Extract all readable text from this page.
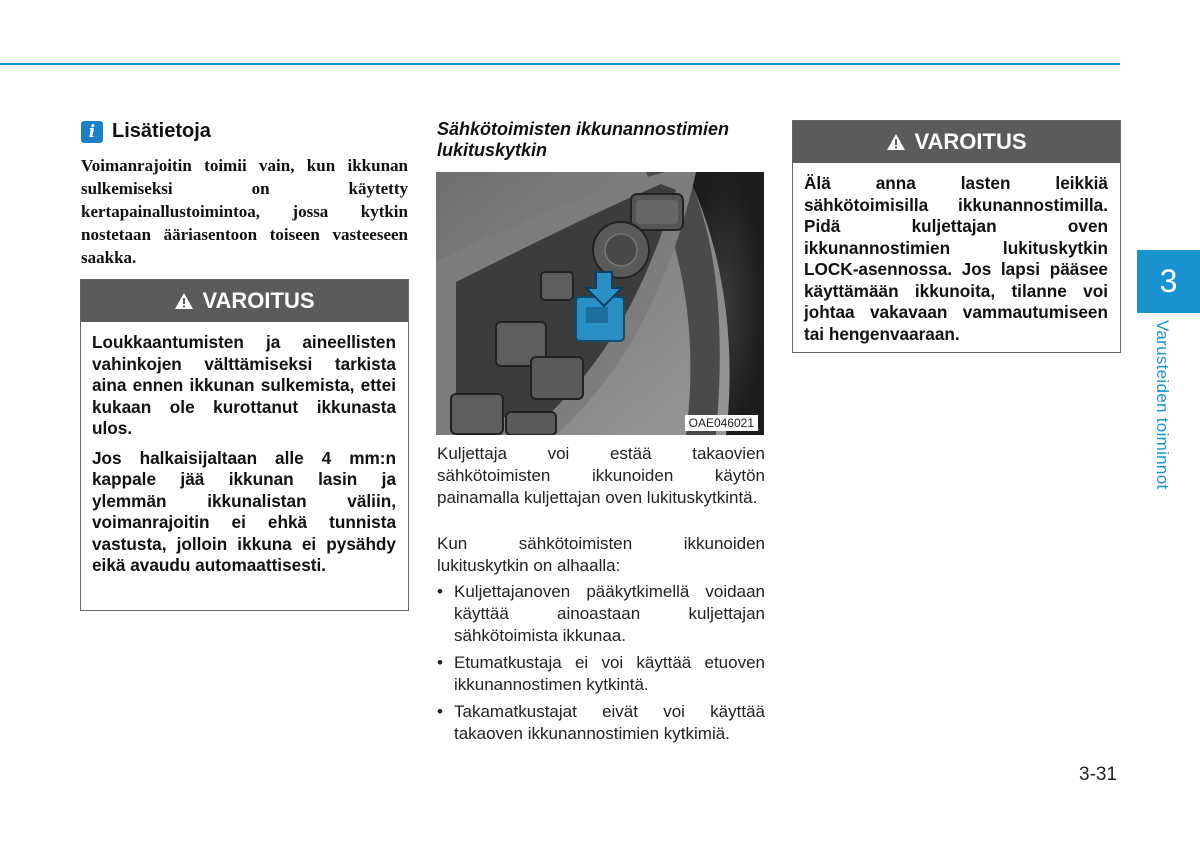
i Lisätietoja

Voimanrajoitin toimii vain, kun ikkunan sulkemiseksi on käytetty kertapainallustoimintoa, jossa kytkin nostetaan ääriasentoon toiseen vasteeseen saakka.

VAROITUS

Loukkaantumisten ja aineellisten vahinkojen välttämiseksi tarkista aina ennen ikkunan sulkemista, ettei kukaan ole kurottanut ikkunasta ulos.

Jos halkaisijaltaan alle 4 mm:n kappale jää ikkunan lasin ja ylemmän ikkunalistan väliin, voimanrajoitin ei ehkä tunnista vastusta, jolloin ikkuna ei pysähdy eikä avaudu automaattisesti.

Sähkötoimisten ikkunannostimien lukituskytkin
OAE046021

Kuljettaja voi estää takaovien sähkötoimisten ikkunoiden käytön painamalla kuljettajan oven lukituskytkintä.

Kun sähkötoimisten ikkunoiden lukituskytkin on alhaalla:

• Kuljettajanoven pääkytkimellä voidaan käyttää ainoastaan kuljettajan sähkötoimista ikkunaa.
• Etumatkustaja ei voi käyttää etuoven ikkunannostimen kytkintä.
• Takamatkustajat eivät voi käyttää takaoven ikkunannostimien kytkimiä.
VAROITUS

Älä anna lasten leikkiä sähkötoimisilla ikkunannostimilla. Pidä kuljettajan oven ikkunannostimien lukituskytkin LOCK-asennossa. Jos lapsi pääsee käyttämään ikkunoita, tilanne voi johtaa vakavaan vammautumiseen tai hengenvaaraan.

3
Varusteiden toiminnot
3-31
